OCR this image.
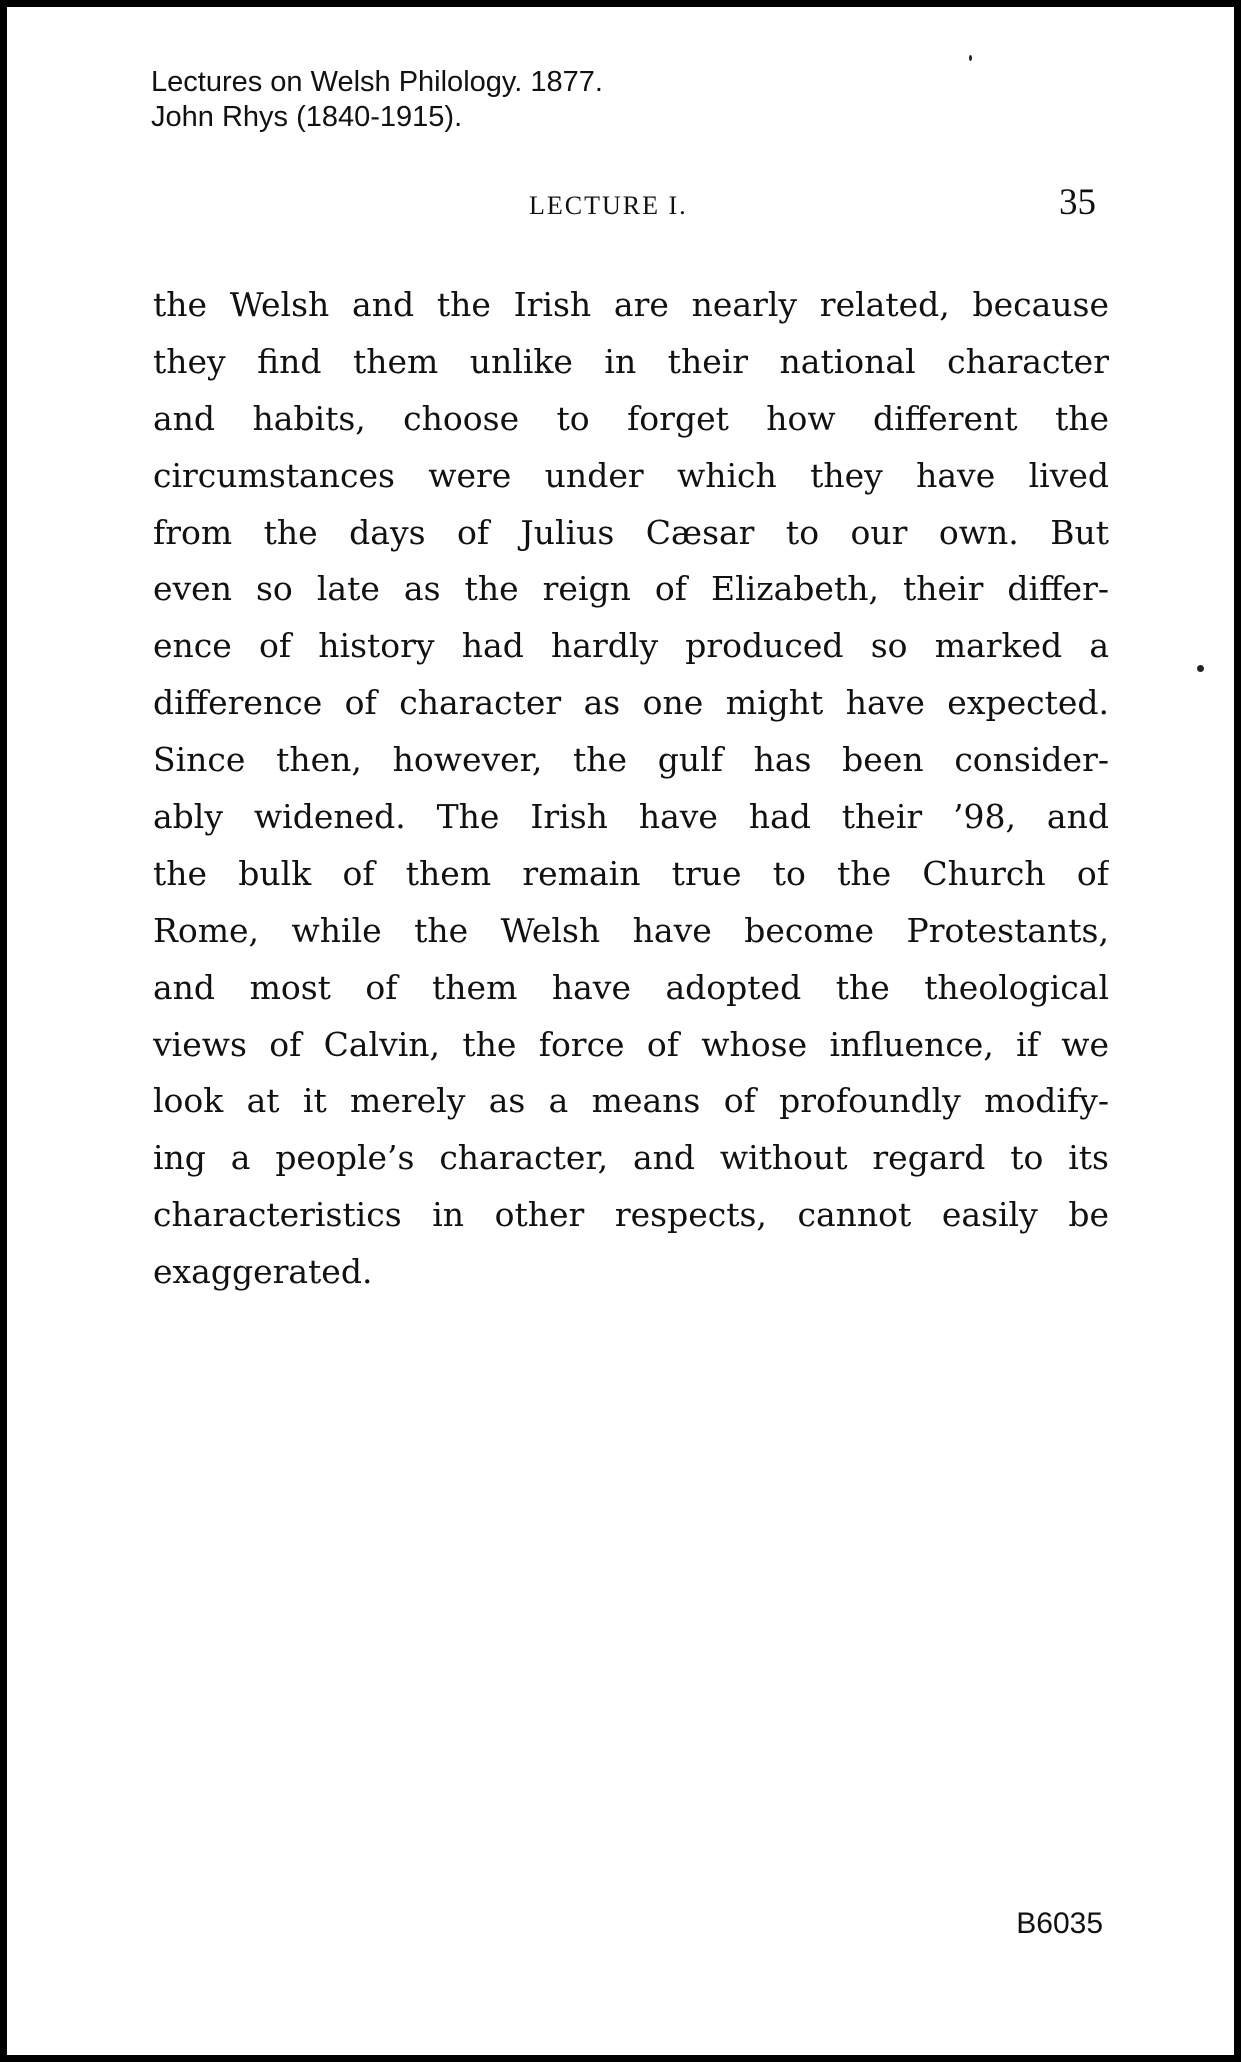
Lectures on Welsh Philology. 1877.
John Rhys (1840-1915).
LECTURE I.	35
the Welsh and the Irish are nearly related, because
they find them unlike in their national character
and habits, choose to forget how different the
circumstances were under which they have lived
from the days of Julius Cæsar to our own. But
even so late as the reign of Elizabeth, their differ-
ence of history had hardly produced so marked a
difference of character as one might have expected.
Since then, however, the gulf has been consider-
ably widened. The Irish have had their ’98, and
the bulk of them remain true to the Church of
Rome, while the Welsh have become Protestants,
and most of them have adopted the theological
views of Calvin, the force of whose influence, if we
look at it merely as a means of profoundly modify-
ing a people’s character, and without regard to its
characteristics in other respects, cannot easily be
exaggerated.
B6035
